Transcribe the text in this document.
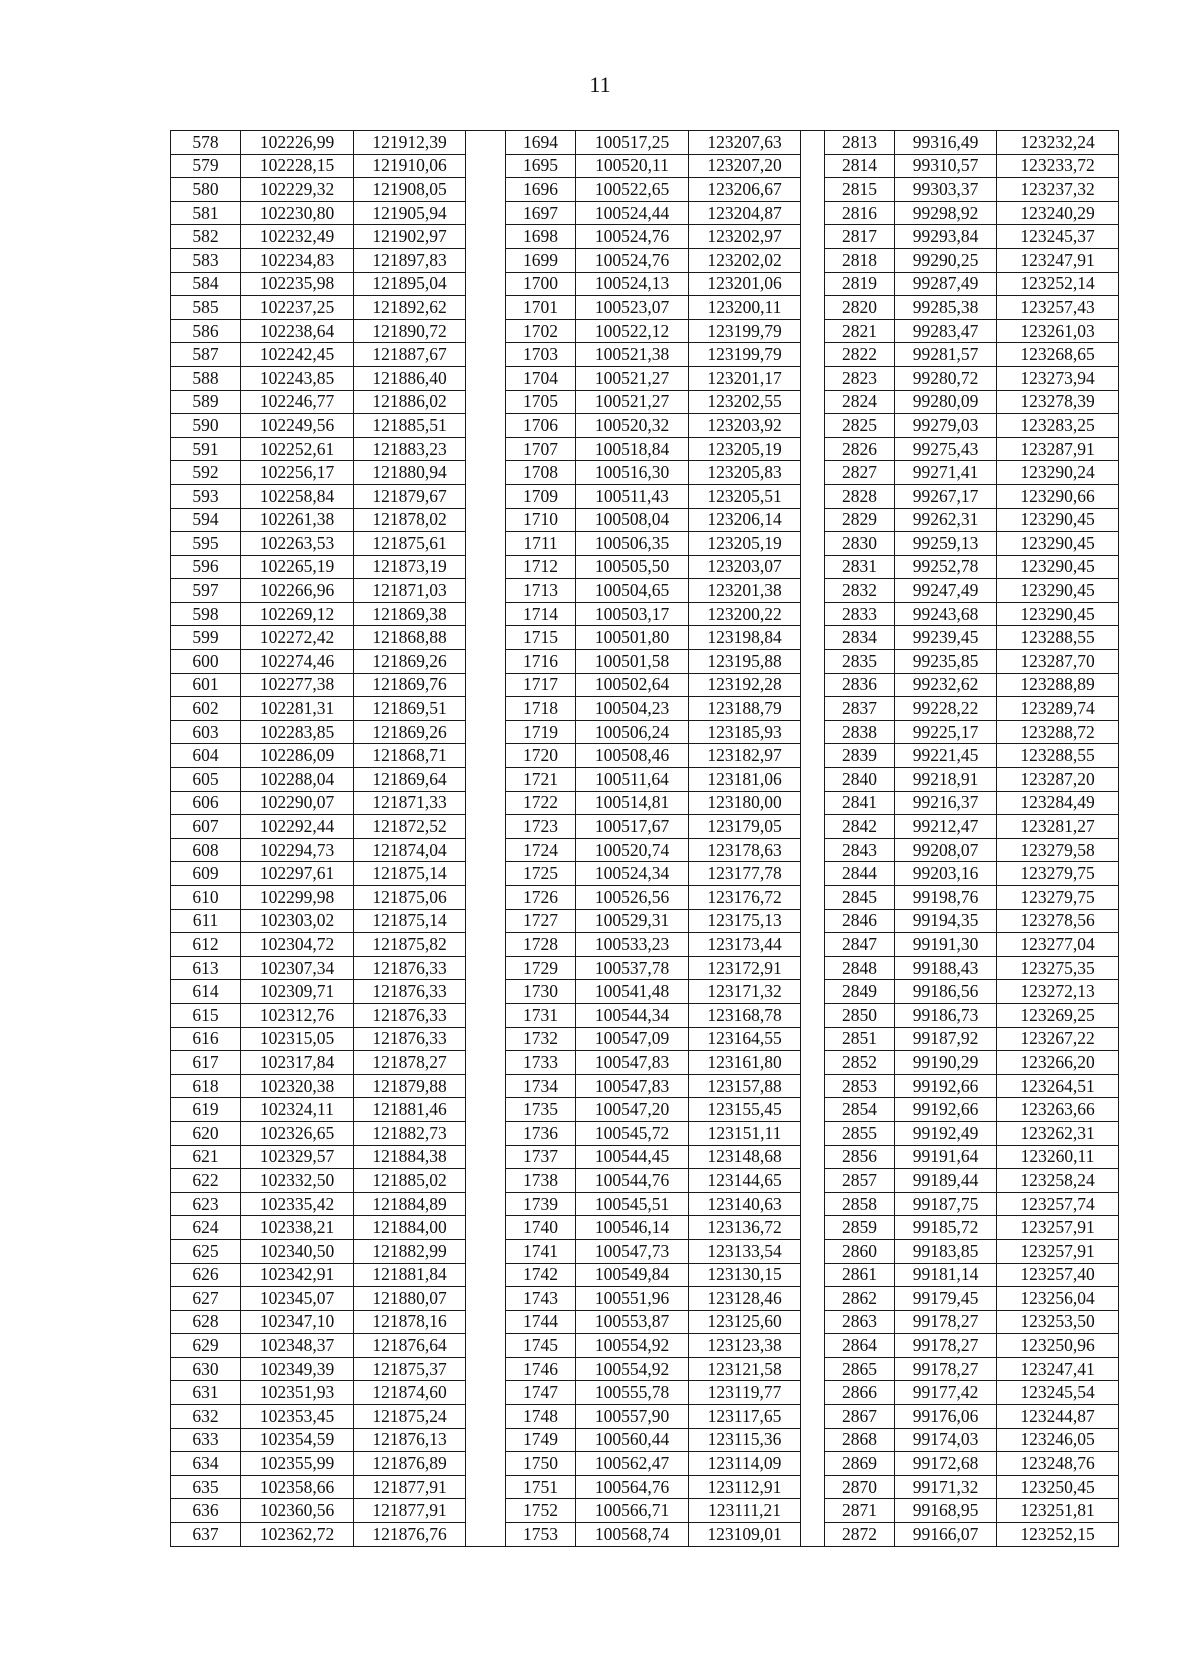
11
578	102226,99	121912,39		1694	100517,25	123207,63		2813	99316,49	123232,24
579	102228,15	121910,06		1695	100520,11	123207,20		2814	99310,57	123233,72
580	102229,32	121908,05		1696	100522,65	123206,67		2815	99303,37	123237,32
581	102230,80	121905,94		1697	100524,44	123204,87		2816	99298,92	123240,29
582	102232,49	121902,97		1698	100524,76	123202,97		2817	99293,84	123245,37
583	102234,83	121897,83		1699	100524,76	123202,02		2818	99290,25	123247,91
584	102235,98	121895,04		1700	100524,13	123201,06		2819	99287,49	123252,14
585	102237,25	121892,62		1701	100523,07	123200,11		2820	99285,38	123257,43
586	102238,64	121890,72		1702	100522,12	123199,79		2821	99283,47	123261,03
587	102242,45	121887,67		1703	100521,38	123199,79		2822	99281,57	123268,65
588	102243,85	121886,40		1704	100521,27	123201,17		2823	99280,72	123273,94
589	102246,77	121886,02		1705	100521,27	123202,55		2824	99280,09	123278,39
590	102249,56	121885,51		1706	100520,32	123203,92		2825	99279,03	123283,25
591	102252,61	121883,23		1707	100518,84	123205,19		2826	99275,43	123287,91
592	102256,17	121880,94		1708	100516,30	123205,83		2827	99271,41	123290,24
593	102258,84	121879,67		1709	100511,43	123205,51		2828	99267,17	123290,66
594	102261,38	121878,02		1710	100508,04	123206,14		2829	99262,31	123290,45
595	102263,53	121875,61		1711	100506,35	123205,19		2830	99259,13	123290,45
596	102265,19	121873,19		1712	100505,50	123203,07		2831	99252,78	123290,45
597	102266,96	121871,03		1713	100504,65	123201,38		2832	99247,49	123290,45
598	102269,12	121869,38		1714	100503,17	123200,22		2833	99243,68	123290,45
599	102272,42	121868,88		1715	100501,80	123198,84		2834	99239,45	123288,55
600	102274,46	121869,26		1716	100501,58	123195,88		2835	99235,85	123287,70
601	102277,38	121869,76		1717	100502,64	123192,28		2836	99232,62	123288,89
602	102281,31	121869,51		1718	100504,23	123188,79		2837	99228,22	123289,74
603	102283,85	121869,26		1719	100506,24	123185,93		2838	99225,17	123288,72
604	102286,09	121868,71		1720	100508,46	123182,97		2839	99221,45	123288,55
605	102288,04	121869,64		1721	100511,64	123181,06		2840	99218,91	123287,20
606	102290,07	121871,33		1722	100514,81	123180,00		2841	99216,37	123284,49
607	102292,44	121872,52		1723	100517,67	123179,05		2842	99212,47	123281,27
608	102294,73	121874,04		1724	100520,74	123178,63		2843	99208,07	123279,58
609	102297,61	121875,14		1725	100524,34	123177,78		2844	99203,16	123279,75
610	102299,98	121875,06		1726	100526,56	123176,72		2845	99198,76	123279,75
611	102303,02	121875,14		1727	100529,31	123175,13		2846	99194,35	123278,56
612	102304,72	121875,82		1728	100533,23	123173,44		2847	99191,30	123277,04
613	102307,34	121876,33		1729	100537,78	123172,91		2848	99188,43	123275,35
614	102309,71	121876,33		1730	100541,48	123171,32		2849	99186,56	123272,13
615	102312,76	121876,33		1731	100544,34	123168,78		2850	99186,73	123269,25
616	102315,05	121876,33		1732	100547,09	123164,55		2851	99187,92	123267,22
617	102317,84	121878,27		1733	100547,83	123161,80		2852	99190,29	123266,20
618	102320,38	121879,88		1734	100547,83	123157,88		2853	99192,66	123264,51
619	102324,11	121881,46		1735	100547,20	123155,45		2854	99192,66	123263,66
620	102326,65	121882,73		1736	100545,72	123151,11		2855	99192,49	123262,31
621	102329,57	121884,38		1737	100544,45	123148,68		2856	99191,64	123260,11
622	102332,50	121885,02		1738	100544,76	123144,65		2857	99189,44	123258,24
623	102335,42	121884,89		1739	100545,51	123140,63		2858	99187,75	123257,74
624	102338,21	121884,00		1740	100546,14	123136,72		2859	99185,72	123257,91
625	102340,50	121882,99		1741	100547,73	123133,54		2860	99183,85	123257,91
626	102342,91	121881,84		1742	100549,84	123130,15		2861	99181,14	123257,40
627	102345,07	121880,07		1743	100551,96	123128,46		2862	99179,45	123256,04
628	102347,10	121878,16		1744	100553,87	123125,60		2863	99178,27	123253,50
629	102348,37	121876,64		1745	100554,92	123123,38		2864	99178,27	123250,96
630	102349,39	121875,37		1746	100554,92	123121,58		2865	99178,27	123247,41
631	102351,93	121874,60		1747	100555,78	123119,77		2866	99177,42	123245,54
632	102353,45	121875,24		1748	100557,90	123117,65		2867	99176,06	123244,87
633	102354,59	121876,13		1749	100560,44	123115,36		2868	99174,03	123246,05
634	102355,99	121876,89		1750	100562,47	123114,09		2869	99172,68	123248,76
635	102358,66	121877,91		1751	100564,76	123112,91		2870	99171,32	123250,45
636	102360,56	121877,91		1752	100566,71	123111,21		2871	99168,95	123251,81
637	102362,72	121876,76		1753	100568,74	123109,01		2872	99166,07	123252,15
